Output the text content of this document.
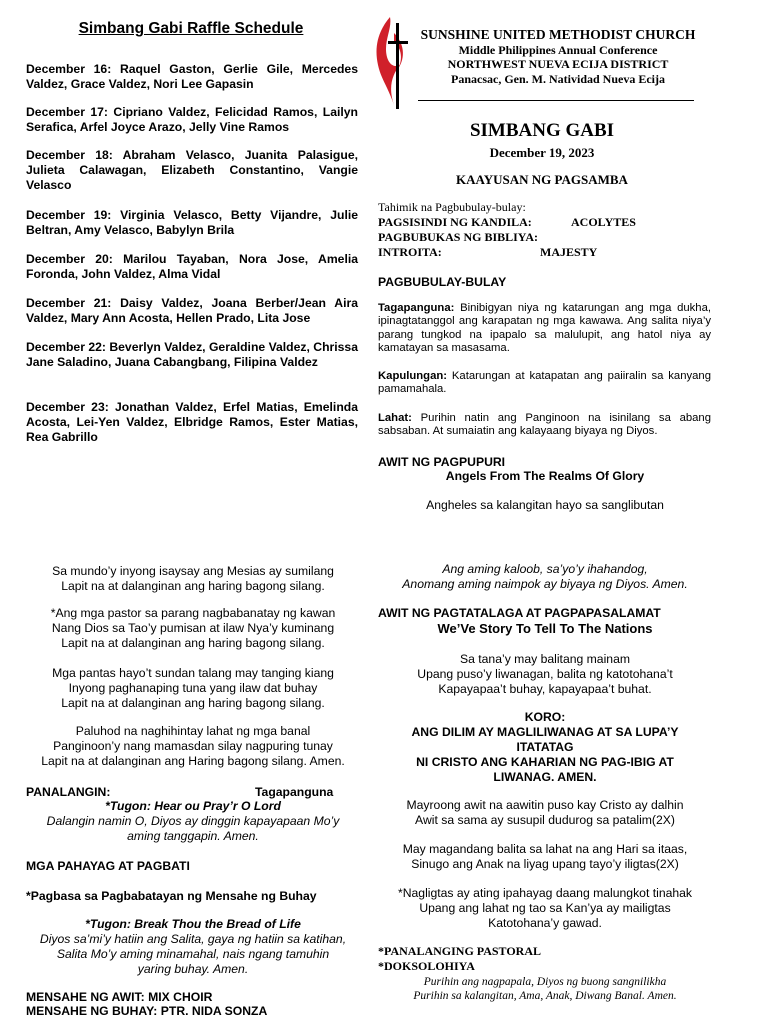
Simbang Gabi Raffle Schedule

December 16: Raquel Gaston, Gerlie Gile, Mercedes Valdez, Grace Valdez, Nori Lee Gapasin

December 17: Cipriano Valdez, Felicidad Ramos, Lailyn Serafica, Arfel Joyce Arazo, Jelly Vine Ramos

December 18: Abraham Velasco, Juanita Palasigue, Julieta Calawagan, Elizabeth Constantino, Vangie Velasco

December 19: Virginia Velasco, Betty Vijandre, Julie Beltran, Amy Velasco, Babylyn Brila

December 20: Marilou Tayaban, Nora Jose, Amelia Foronda, John Valdez, Alma Vidal

December 21: Daisy Valdez, Joana Berber/Jean Aira Valdez, Mary Ann Acosta, Hellen Prado, Lita Jose

December 22: Beverlyn Valdez, Geraldine Valdez, Chrissa Jane Saladino, Juana Cabangbang, Filipina Valdez

December 23: Jonathan Valdez, Erfel Matias, Emelinda Acosta, Lei-Yen Valdez, Elbridge Ramos, Ester Matias, Rea Gabrillo

SUNSHINE UNITED METHODIST CHURCH
Middle Philippines Annual Conference
NORTHWEST NUEVA ECIJA DISTRICT
Panacsac, Gen. M. Natividad Nueva Ecija
SIMBANG GABI
December 19, 2023
KAAYUSAN NG PAGSAMBA
Tahimik na Pagbubulay-bulay:
PAGSISINDI NG KANDILA:	ACOLYTES
PAGBUBUKAS NG BIBLIYA:
INTROITA:	MAJESTY
PAGBUBULAY-BULAY

Tagapanguna: Binibigyan niya ng katarungan ang mga dukha, ipinagtatanggol ang karapatan ng mga kawawa. Ang salita niya’y parang tungkod na ipapalo sa malulupit, ang hatol niya ay kamatayan sa masasama.

Kapulungan: Katarungan at katapatan ang paiiralin sa kanyang pamamahala.

Lahat: Purihin natin ang Panginoon na isinilang sa abang sabsaban. At sumaiatin ang kalayaang biyaya ng Diyos.

AWIT NG PAGPUPURI
Angels From The Realms Of Glory
Angheles sa kalangitan hayo sa sanglibutan
Sa mundo’y inyong isaysay ang Mesias ay sumilang
Lapit na at dalanginan ang haring bagong silang.
*Ang mga pastor sa parang nagbabanatay ng kawan
Nang Dios sa Tao’y pumisan at ilaw Nya’y kuminang
Lapit na at dalanginan ang haring bagong silang.
Mga pantas hayo’t sundan talang may tanging kiang
Inyong paghanaping tuna yang ilaw dat buhay
Lapit na at dalanginan ang haring bagong silang.
Paluhod na naghihintay lahat ng mga banal
Panginoon’y nang mamasdan silay nagpuring tunay
Lapit na at dalanginan ang Haring bagong silang. Amen.
PANALANGIN:	Tagapanguna
*Tugon: Hear ou Pray’r O Lord
Dalangin namin O, Diyos ay dinggin kapayapaan Mo’y
aming tanggapin. Amen.
MGA PAHAYAG AT PAGBATI
*Pagbasa sa Pagbabatayan ng Mensahe ng Buhay
*Tugon: Break Thou the Bread of Life
Diyos sa’mi’y hatiin ang Salita, gaya ng hatiin sa katihan,
Salita Mo’y aming minamahal, nais ngang tamuhin
yaring buhay. Amen.
MENSAHE NG AWIT: MIX CHOIR
MENSAHE NG BUHAY: PTR. NIDA SONZA
Ang aming kaloob, sa’yo’y ihahandog,
Anomang aming naimpok ay biyaya ng Diyos. Amen.
AWIT NG PAGTATALAGA AT PAGPAPASALAMAT
We’Ve Story To Tell To The Nations
Sa tana’y may balitang mainam
Upang puso’y liwanagan, balita ng katotohana’t
Kapayapaa’t buhay, kapayapaa’t buhat.
KORO:
ANG DILIM AY MAGLILIWANAG AT SA LUPA’Y
ITATATAG
NI CRISTO ANG KAHARIAN NG PAG-IBIG AT
LIWANAG. AMEN.
Mayroong awit na aawitin puso kay Cristo ay dalhin
Awit sa sama ay susupil dudurog sa patalim(2X)
May magandang balita sa lahat na ang Hari sa itaas,
Sinugo ang Anak na liyag upang tayo’y iligtas(2X)
*Nagligtas ay ating ipahayag daang malungkot tinahak
Upang ang lahat ng tao sa Kan’ya ay mailigtas
Katotohana’y gawad.
*PANALANGING PASTORAL
*DOKSOLOHIYA
Purihin ang nagpapala, Diyos ng buong sangnilikha
Purihin sa kalangitan, Ama, Anak, Diwang Banal. Amen.
